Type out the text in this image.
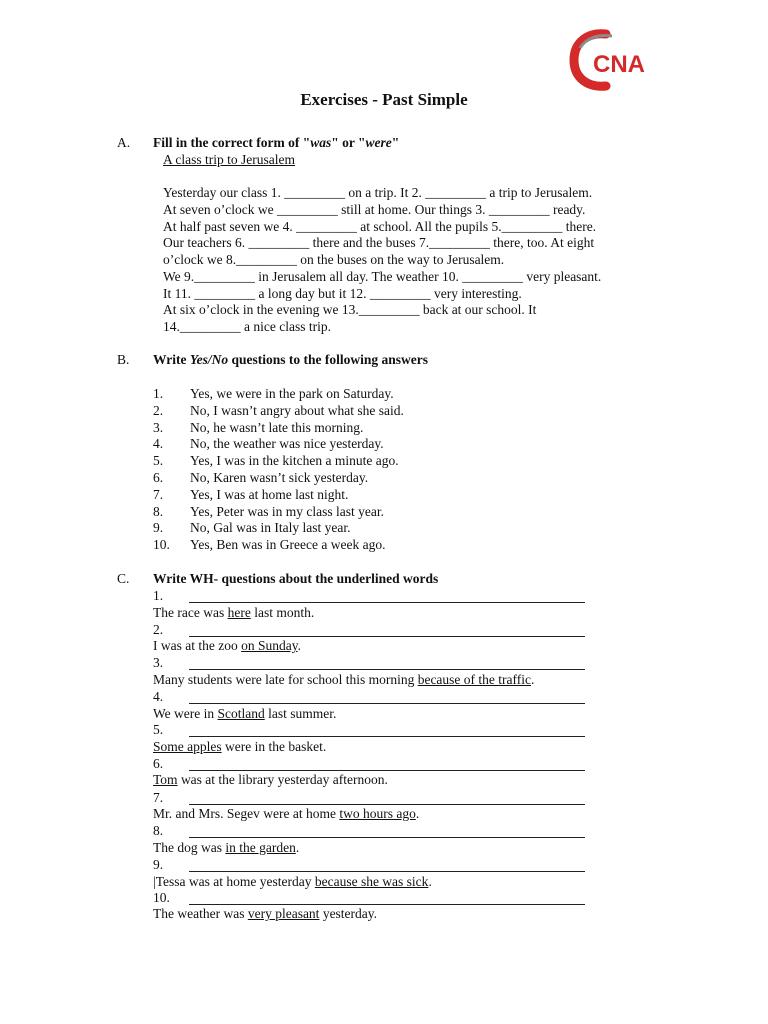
CNA
Exercises - Past Simple
A. Fill in the correct form of "was" or "were"
A class trip to Jerusalem
Yesterday our class 1. _________ on a trip. It 2. _________ a trip to Jerusalem.
At seven o’clock we _________ still at home. Our things 3. _________ ready.
At half past seven we 4. _________ at school. All the pupils 5._________ there.
Our teachers 6. _________ there and the buses 7._________ there, too. At eight
o’clock we 8._________ on the buses on the way to Jerusalem.
We 9._________ in Jerusalem all day. The weather 10. _________ very pleasant.
It 11. _________ a long day but it 12. _________ very interesting.
At six o’clock in the evening we 13._________ back at our school. It
14._________ a nice class trip.
B. Write Yes/No questions to the following answers
1. Yes, we were in the park on Saturday.
2. No, I wasn’t angry about what she said.
3. No, he wasn’t late this morning.
4. No, the weather was nice yesterday.
5. Yes, I was in the kitchen a minute ago.
6. No, Karen wasn’t sick yesterday.
7. Yes, I was at home last night.
8. Yes, Peter was in my class last year.
9. No, Gal was in Italy last year.
10. Yes, Ben was in Greece a week ago.
C. Write WH- questions about the underlined words
1.
The race was here last month.
2.
I was at the zoo on Sunday.
3.
Many students were late for school this morning because of the traffic.
4.
We were in Scotland last summer.
5.
Some apples were in the basket.
6.
Tom was at the library yesterday afternoon.
7.
Mr. and Mrs. Segev were at home two hours ago.
8.
The dog was in the garden.
9.
|Tessa was at home yesterday because she was sick.
10.
The weather was very pleasant yesterday.
